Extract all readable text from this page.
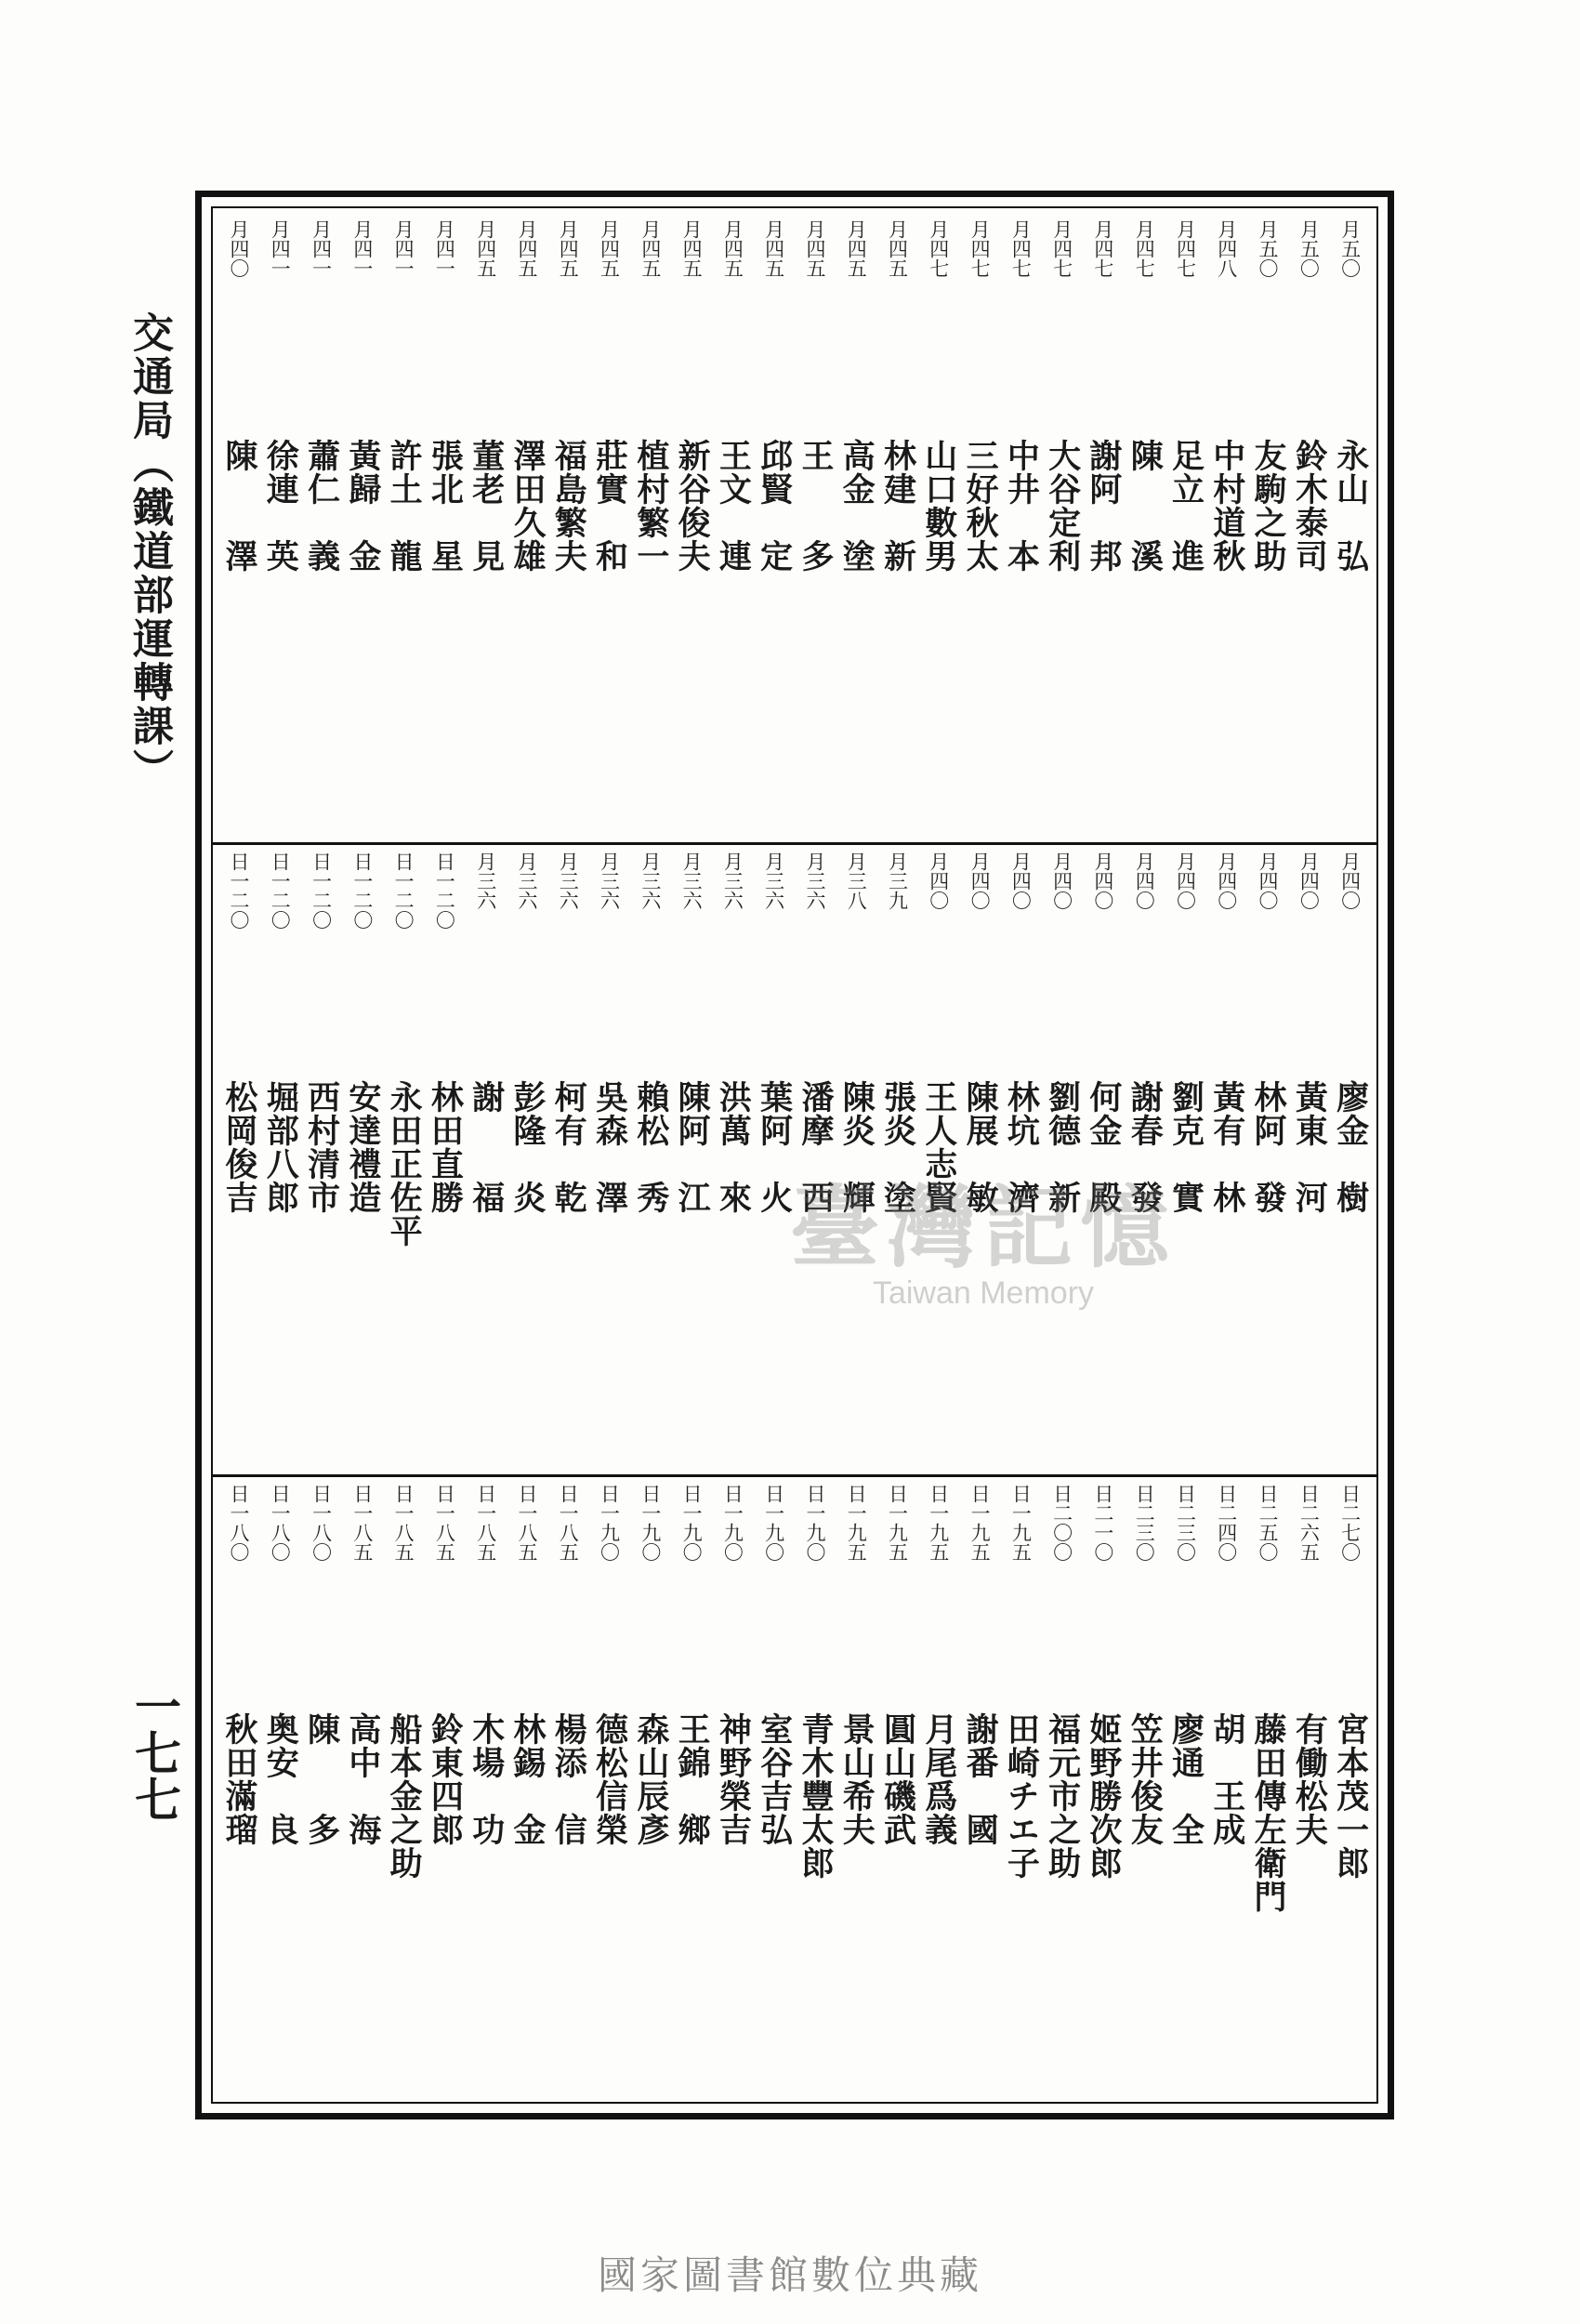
交通局（鐵道部運轉課）
一七七
月五〇
永山　弘
月五〇
鈴木泰司
月五〇
友駒之助
月四八
中村道秋
月四七
足立　進
月四七
陳　　溪
月四七
謝阿　邦
月四七
大谷定利
月四七
中井　本
月四七
三好秋太
月四七
山口數男
月四五
林建　新
月四五
高金　塗
月四五
王　　多
月四五
邱賢　定
月四五
王文　連
月四五
新谷俊夫
月四五
植村繁一
月四五
莊實　和
月四五
福島繁夫
月四五
澤田久雄
月四五
董老　見
月四一
張北　星
月四一
許土　龍
月四一
黃歸　金
月四一
蕭仁　義
月四一
徐連　英
月四〇
陳　　澤
月四〇
廖金　樹
月四〇
黃東　河
月四〇
林阿　發
月四〇
黃有　林
月四〇
劉克　實
月四〇
謝春　發
月四〇
何金　殿
月四〇
劉德　新
月四〇
林坑　濟
月四〇
陳展　敏
月四〇
王人志賢
月三九
張炎　塗
月三八
陳炎　輝
月三六
潘摩　西
月三六
葉阿　火
月三六
洪萬　來
月三六
陳阿　江
月三六
賴松　秀
月三六
吳森　澤
月三六
柯有　乾
月三六
彭隆　炎
月三六
謝　　福
日一二〇
林田直勝
日一二〇
永田正佐平
日一二〇
安達禮造
日一二〇
西村清市
日一二〇
堀部八郎
日一二〇
松岡俊吉
日二七〇
宮本茂一郎
日二六五
有働松夫
日二五〇
藤田傳左衛門
日二四〇
胡　王成
日二三〇
廖通　全
日二三〇
笠井俊友
日二一〇
姬野勝次郎
日二〇〇
福元市之助
日一九五
田崎チエ子
日一九五
謝番　國
日一九五
月尾爲義
日一九五
圓山磯武
日一九五
景山希夫
日一九〇
青木豐太郎
日一九〇
室谷吉弘
日一九〇
神野榮吉
日一九〇
王錦　鄉
日一九〇
森山辰彥
日一九〇
德松信榮
日一八五
楊添　信
日一八五
林錫　金
日一八五
木場　功
日一八五
鈴東四郎
日一八五
船本金之助
日一八五
高中　海
日一八〇
陳　　多
日一八〇
奥安　良
日一八〇
秋田滿瑠
臺灣記憶
Taiwan Memory
國家圖書館數位典藏
